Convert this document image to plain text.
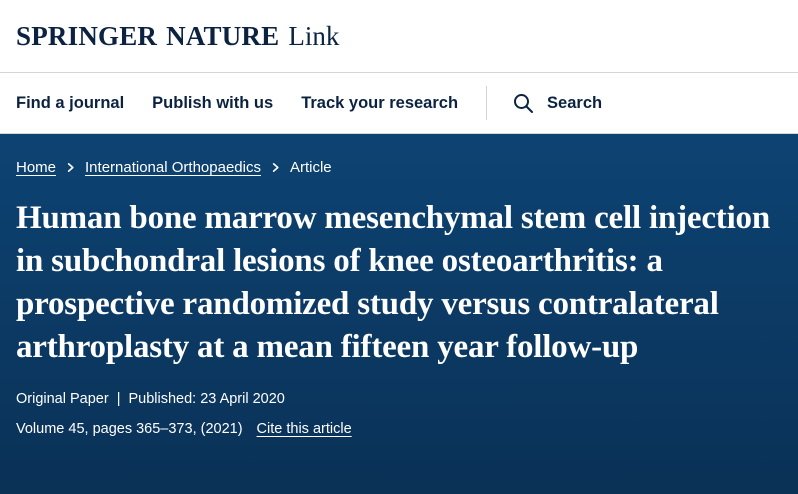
SPRINGER NATURE Link
Find a journal	Publish with us	Track your research	Search
Home International Orthopaedics Article
Human bone marrow mesenchymal stem cell injection in subchondral lesions of knee osteoarthritis: a prospective randomized study versus contralateral arthroplasty at a mean fifteen year follow-up
Original Paper | Published: 23 April 2020
Volume 45, pages 365–373, (2021) Cite this article
